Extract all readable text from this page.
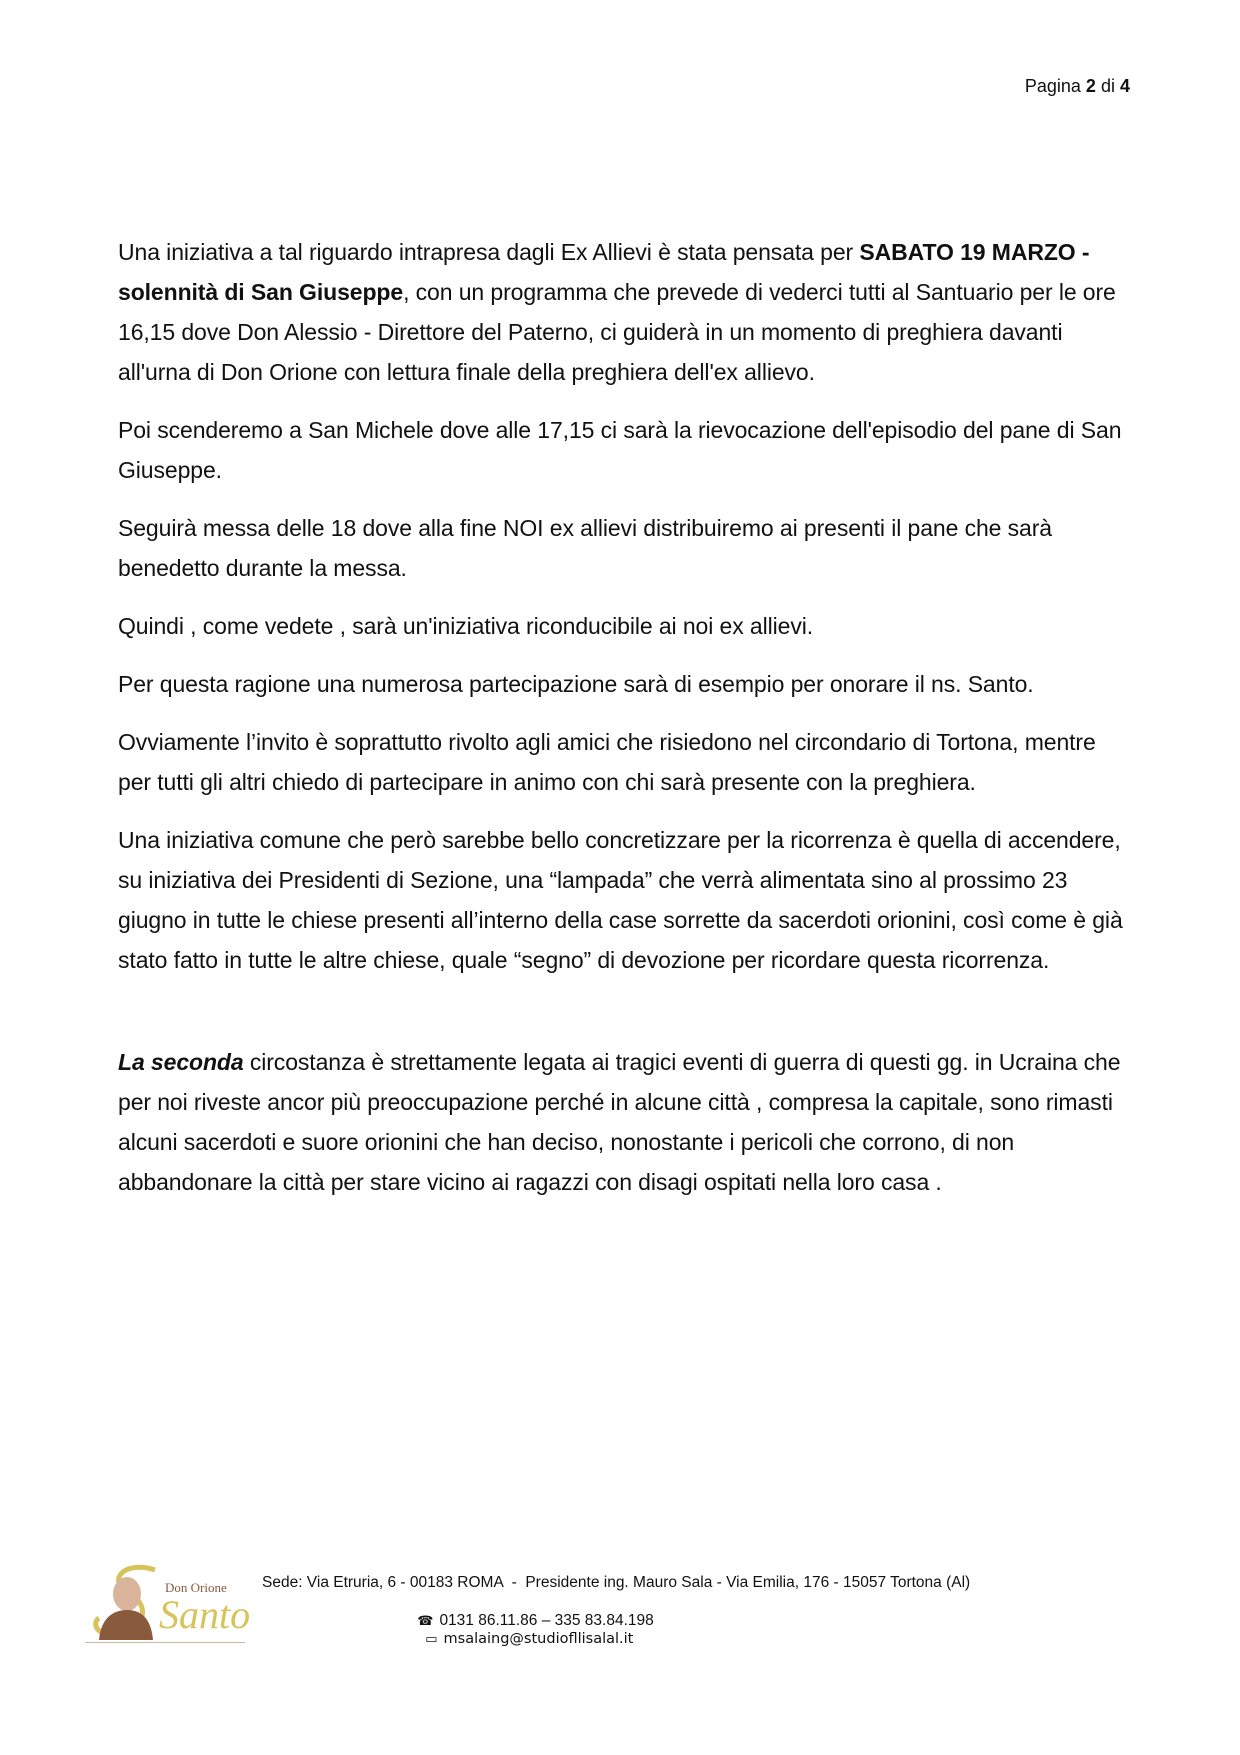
Pagina 2 di 4

Una iniziativa a tal riguardo intrapresa dagli Ex Allievi è stata pensata per SABATO 19 MARZO - solennità di San Giuseppe, con un programma che prevede di vederci tutti al Santuario per le ore 16,15 dove Don Alessio - Direttore del Paterno, ci guiderà in un momento di preghiera davanti all'urna di Don Orione con lettura finale della preghiera dell'ex allievo.

Poi scenderemo a San Michele dove alle 17,15 ci sarà la rievocazione dell'episodio del pane di San Giuseppe.

Seguirà messa delle 18 dove alla fine NOI ex allievi distribuiremo ai presenti il pane che sarà benedetto durante la messa.

Quindi , come vedete , sarà un'iniziativa riconducibile ai noi ex allievi.

Per questa ragione una numerosa partecipazione sarà di esempio per onorare il ns. Santo.

Ovviamente l’invito è soprattutto rivolto agli amici che risiedono nel circondario di Tortona, mentre per tutti gli altri chiedo di partecipare in animo con chi sarà presente con la preghiera.

Una iniziativa comune che però sarebbe bello concretizzare per la ricorrenza è quella di accendere, su iniziativa dei Presidenti di Sezione, una “lampada” che verrà alimentata sino al prossimo 23 giugno in tutte le chiese presenti all’interno della case sorrette da sacerdoti orionini, così come è già stato fatto in tutte le altre chiese, quale “segno” di devozione per ricordare questa ricorrenza.

La seconda circostanza è strettamente legata ai tragici eventi di guerra di questi gg. in Ucraina che per noi riveste ancor più preoccupazione perché in alcune città , compresa la capitale, sono rimasti alcuni sacerdoti e suore orionini che han deciso, nonostante i pericoli che corrono, di non abbandonare la città per stare vicino ai ragazzi con disagi ospitati nella loro casa .

Don Orione
Santo
Sede: Via Etruria, 6 - 00183 ROMA  -  Presidente ing. Mauro Sala - Via Emilia, 176 - 15057 Tortona (Al)

☎ 0131 86.11.86 – 335 83.84.198
▭ msalaing@studiofllisalal.it
